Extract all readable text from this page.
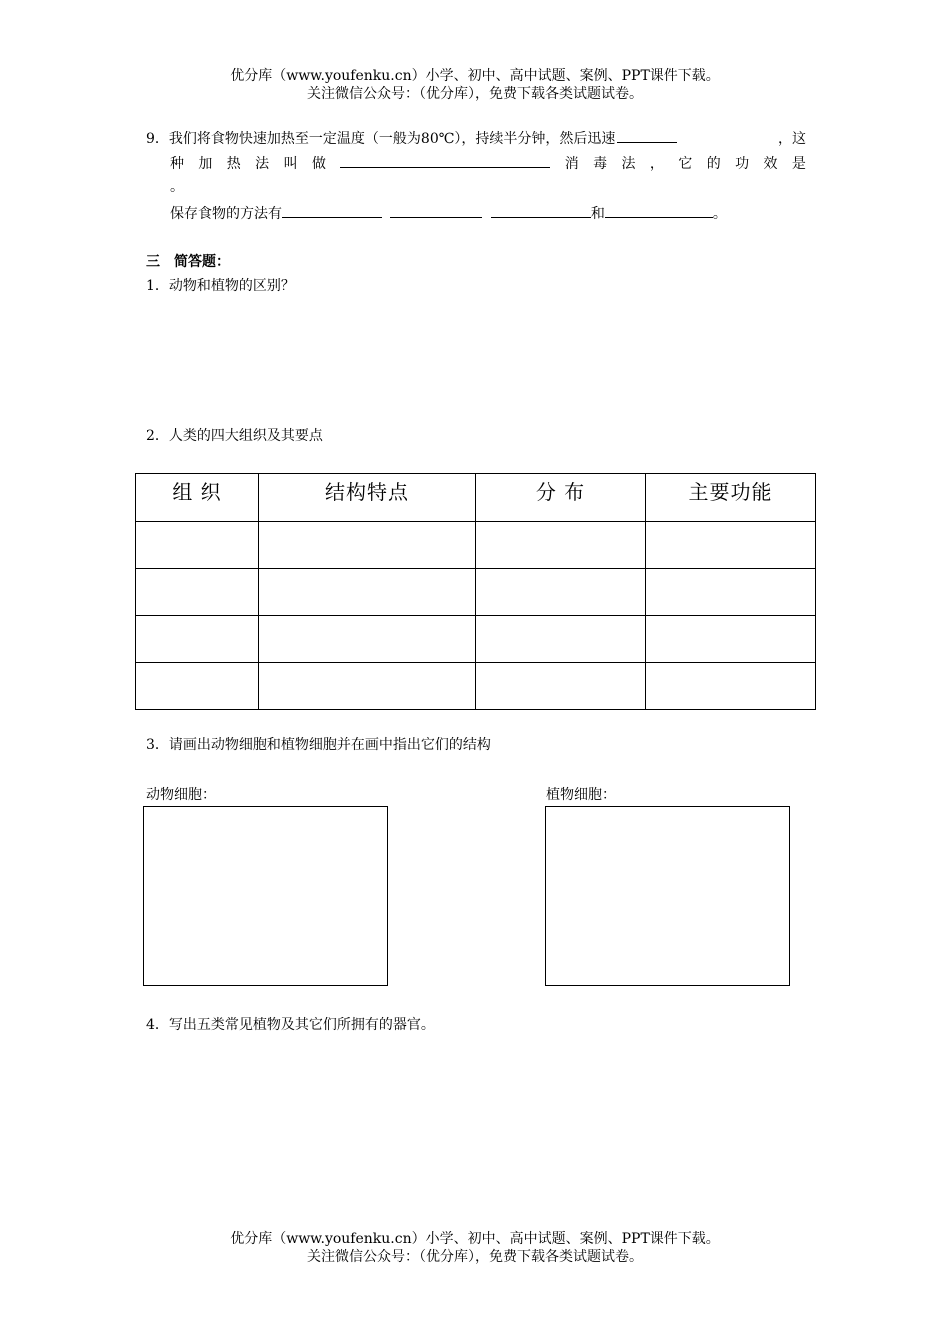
优分库（www.youfenku.cn）小学、初中、高中试题、案例、PPT课件下载。
关注微信公众号：（优分库），免费下载各类试题试卷。
9．我们将食物快速加热至一定温度（一般为80℃），持续半分钟，然后迅速	，这
种 加 热 法 叫 做	消 毒 法 ， 它 的 功 效 是
。
保存食物的方法有	和	。
三　简答题：
1．动物和植物的区别？
2．人类的四大组织及其要点
组 织	结构特点	分 布	主要功能

3．请画出动物细胞和植物细胞并在画中指出它们的结构
动物细胞：	植物细胞：
4．写出五类常见植物及其它们所拥有的器官。
优分库（www.youfenku.cn）小学、初中、高中试题、案例、PPT课件下载。
关注微信公众号：（优分库），免费下载各类试题试卷。
